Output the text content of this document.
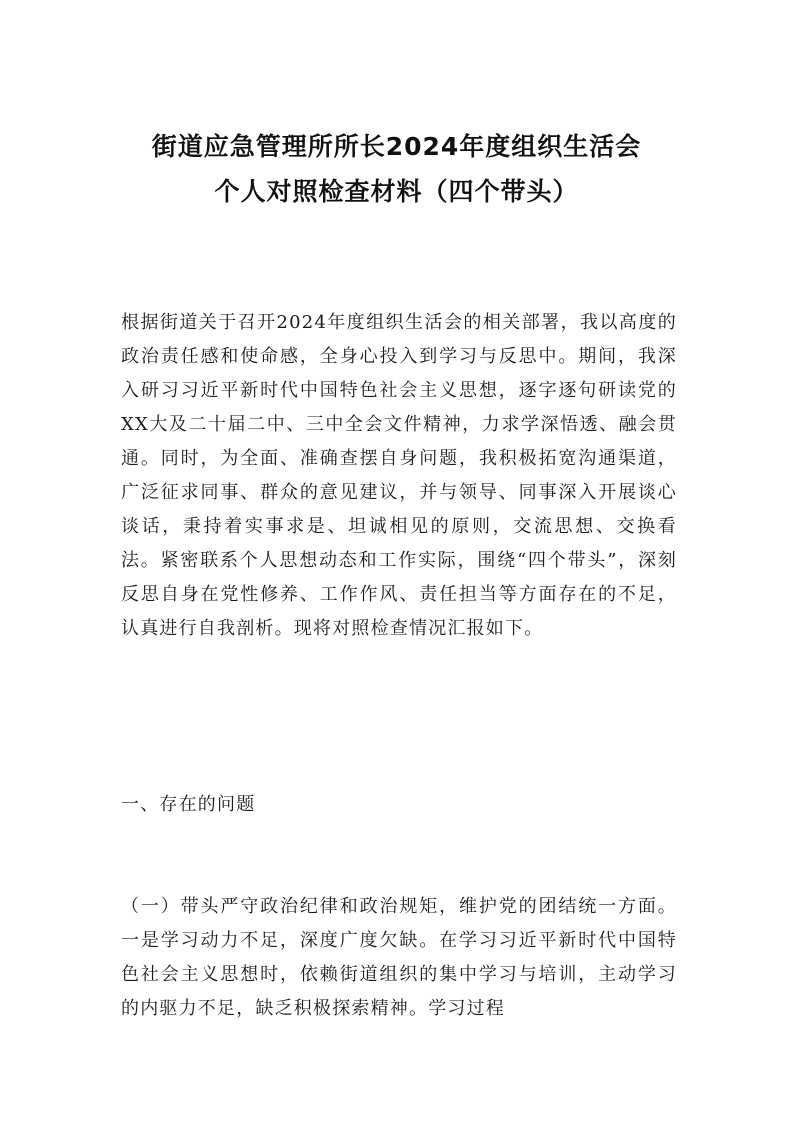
街道应急管理所所长2024年度组织生活会
个人对照检查材料（四个带头）

根据街道关于召开2024年度组织生活会的相关部署，我以高度的政治责任感和使命感，全身心投入到学习与反思中。期间，我深入研习习近平新时代中国特色社会主义思想，逐字逐句研读党的XX大及二十届二中、三中全会文件精神，力求学深悟透、融会贯通。同时，为全面、准确查摆自身问题，我积极拓宽沟通渠道，广泛征求同事、群众的意见建议，并与领导、同事深入开展谈心谈话，秉持着实事求是、坦诚相见的原则，交流思想、交换看法。紧密联系个人思想动态和工作实际，围绕“四个带头”，深刻反思自身在党性修养、工作作风、责任担当等方面存在的不足，认真进行自我剖析。现将对照检查情况汇报如下。

一、存在的问题

（一）带头严守政治纪律和政治规矩，维护党的团结统一方面。一是学习动力不足，深度广度欠缺。在学习习近平新时代中国特色社会主义思想时，依赖街道组织的集中学习与培训，主动学习的内驱力不足，缺乏积极探索精神。学习过程
